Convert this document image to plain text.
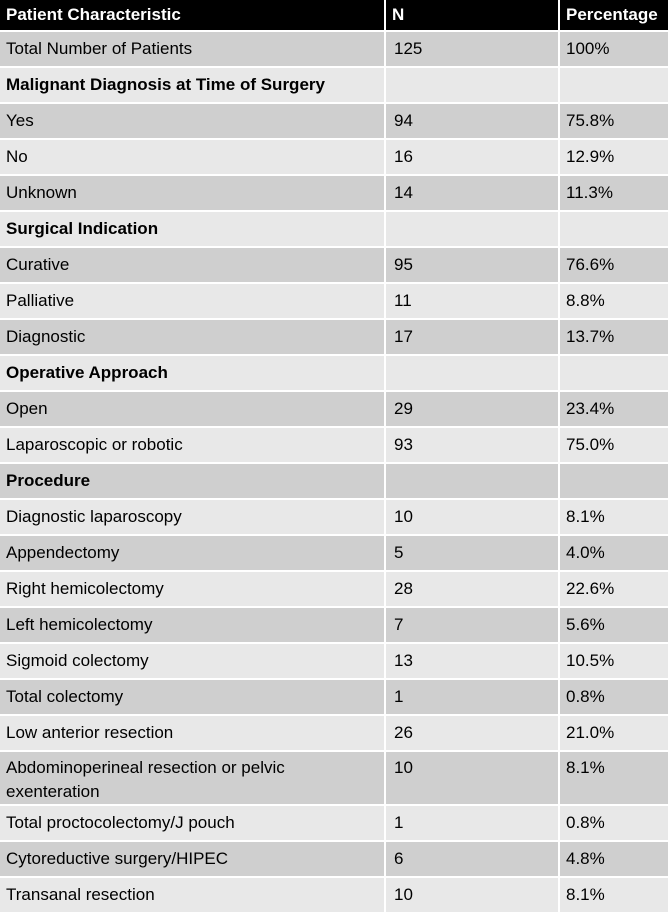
Patient Characteristic	N	Percentage
Total Number of Patients	125	100%
Malignant Diagnosis at Time of Surgery		
Yes	94	75.8%
No	16	12.9%
Unknown	14	11.3%
Surgical Indication		
Curative	95	76.6%
Palliative	11	8.8%
Diagnostic	17	13.7%
Operative Approach		
Open	29	23.4%
Laparoscopic or robotic	93	75.0%
Procedure		
Diagnostic laparoscopy	10	8.1%
Appendectomy	5	4.0%
Right hemicolectomy	28	22.6%
Left hemicolectomy	7	5.6%
Sigmoid colectomy	13	10.5%
Total colectomy	1	0.8%
Low anterior resection	26	21.0%
Abdominoperineal resection or pelvic exenteration	10	8.1%
Total proctocolectomy/J pouch	1	0.8%
Cytoreductive surgery/HIPEC	6	4.8%
Transanal resection	10	8.1%
